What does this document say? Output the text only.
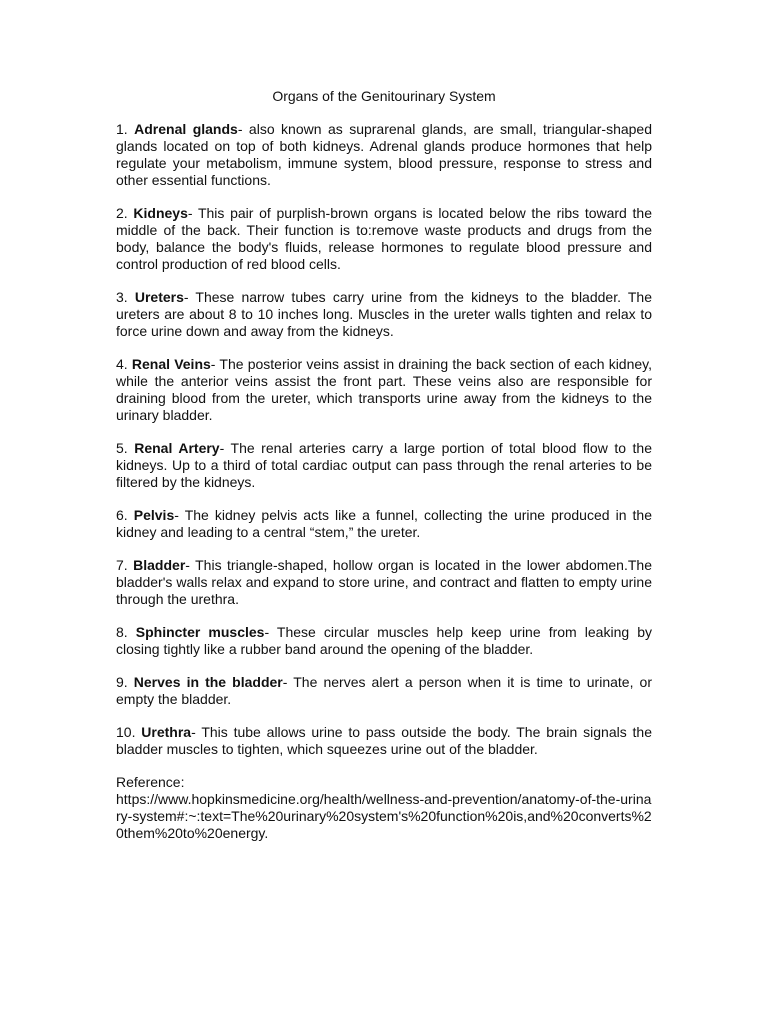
Organs of the Genitourinary System

1. Adrenal glands- also known as suprarenal glands, are small, triangular-shaped glands located on top of both kidneys. Adrenal glands produce hormones that help regulate your metabolism, immune system, blood pressure, response to stress and other essential functions.

2. Kidneys- This pair of purplish-brown organs is located below the ribs toward the middle of the back. Their function is to:remove waste products and drugs from the body, balance the body's fluids, release hormones to regulate blood pressure and control production of red blood cells.

3. Ureters- These narrow tubes carry urine from the kidneys to the bladder. The ureters are about 8 to 10 inches long. Muscles in the ureter walls tighten and relax to force urine down and away from the kidneys.

4. Renal Veins- The posterior veins assist in draining the back section of each kidney, while the anterior veins assist the front part. These veins also are responsible for draining blood from the ureter, which transports urine away from the kidneys to the urinary bladder.

5. Renal Artery- The renal arteries carry a large portion of total blood flow to the kidneys. Up to a third of total cardiac output can pass through the renal arteries to be filtered by the kidneys.

6. Pelvis- The kidney pelvis acts like a funnel, collecting the urine produced in the kidney and leading to a central “stem,” the ureter.

7. Bladder- This triangle-shaped, hollow organ is located in the lower abdomen.The bladder's walls relax and expand to store urine, and contract and flatten to empty urine through the urethra.

8. Sphincter muscles- These circular muscles help keep urine from leaking by closing tightly like a rubber band around the opening of the bladder.

9. Nerves in the bladder- The nerves alert a person when it is time to urinate, or empty the bladder.

10. Urethra- This tube allows urine to pass outside the body. The brain signals the bladder muscles to tighten, which squeezes urine out of the bladder.

Reference:
https://www.hopkinsmedicine.org/health/wellness-and-prevention/anatomy-of-the-urinary-system#:~:text=The%20urinary%20system's%20function%20is,and%20converts%20them%20to%20energy.
